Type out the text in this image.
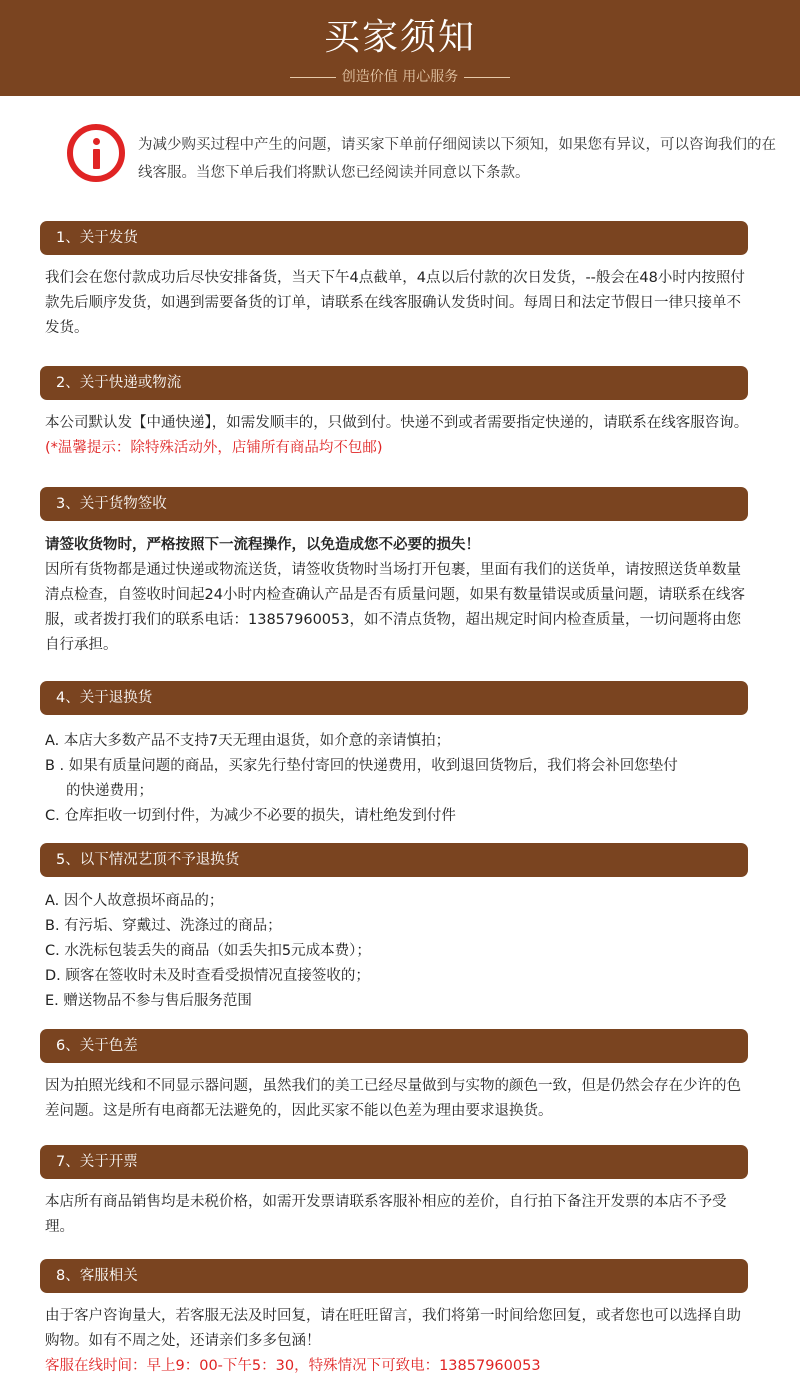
买家须知
创造价值 用心服务
为减少购买过程中产生的问题，请买家下单前仔细阅读以下须知，如果您有异议，可以咨询我们的在线客服。当您下单后我们将默认您已经阅读并同意以下条款。
1、关于发货
我们会在您付款成功后尽快安排备货，当天下午4点截单，4点以后付款的次日发货，--般会在48小时内按照付款先后顺序发货，如遇到需要备货的订单，请联系在线客服确认发货时间。每周日和法定节假日一律只接单不发货。
2、关于快递或物流
本公司默认发【中通快递】，如需发顺丰的，只做到付。快递不到或者需要指定快递的，请联系在线客服咨询。(*温馨提示：除特殊活动外，店铺所有商品均不包邮)
3、关于货物签收
请签收货物时，严格按照下一流程操作，以免造成您不必要的损失！
因所有货物都是通过快递或物流送货，请签收货物时当场打开包裹，里面有我们的送货单，请按照送货单数量清点检查，自签收时间起24小时内检查确认产品是否有质量问题，如果有数量错误或质量问题，请联系在线客服，或者拨打我们的联系电话：13857960053，如不清点货物，超出规定时间内检查质量，一切问题将由您自行承担。
4、关于退换货
A. 本店大多数产品不支持7天无理由退货，如介意的亲请慎拍；
B . 如果有质量问题的商品，买家先行垫付寄回的快递费用，收到退回货物后，我们将会补回您垫付
的快递费用；
C. 仓库拒收一切到付件，为减少不必要的损失，请杜绝发到付件
5、以下情况艺顶不予退换货
A. 因个人故意损坏商品的；
B. 有污垢、穿戴过、洗涤过的商品；
C. 水洗标包装丢失的商品（如丢失扣5元成本费）；
D. 顾客在签收时未及时查看受损情况直接签收的；
E. 赠送物品不参与售后服务范围
6、关于色差
因为拍照光线和不同显示器问题，虽然我们的美工已经尽量做到与实物的颜色一致，但是仍然会存在少许的色差问题。这是所有电商都无法避免的，因此买家不能以色差为理由要求退换货。
7、关于开票
本店所有商品销售均是未税价格，如需开发票请联系客服补相应的差价，自行拍下备注开发票的本店不予受理。
8、客服相关
由于客户咨询量大，若客服无法及时回复，请在旺旺留言，我们将第一时间给您回复，或者您也可以选择自助购物。如有不周之处，还请亲们多多包涵！
客服在线时间：早上9：00-下午5：30，特殊情况下可致电：13857960053
